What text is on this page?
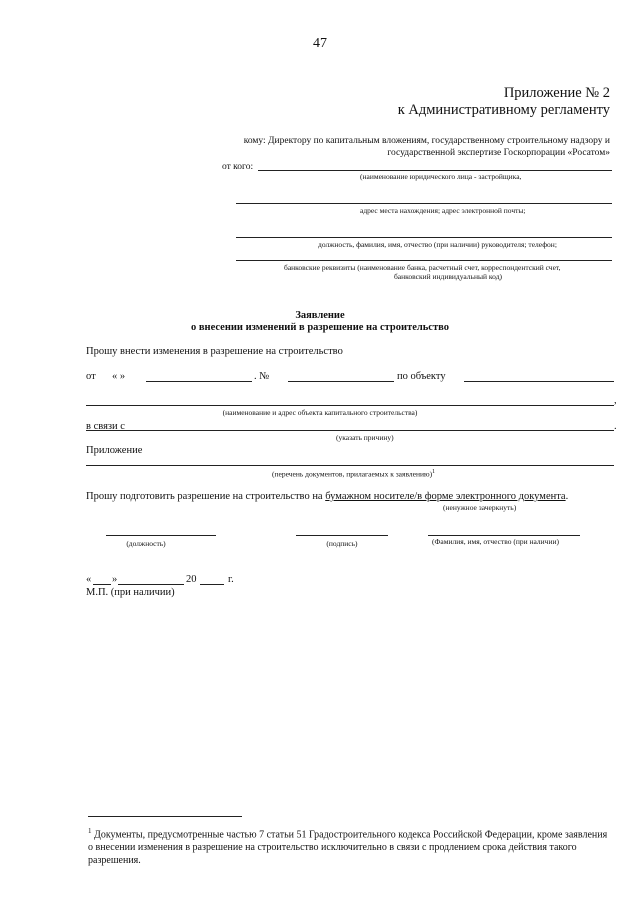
47
Приложение № 2
к Административному регламенту
кому: Директору по капитальным вложениям, государственному строительному надзору и
государственной экспертизе Госкорпорации «Росатом»
от кого:
(наименование юридического лица - застройщика,
адрес места нахождения; адрес электронной почты;
должность, фамилия, имя, отчество (при наличии) руководителя; телефон;
банковские реквизиты (наименование банка, расчетный счет, корреспондентский счет,
банковский индивидуальный код)
Заявление
о внесении изменений в разрешение на строительство
Прошу внести изменения в разрешение на строительство
от « »	. №	по объекту
,
(наименование и адрес объекта капитального строительства)
в связи с	.
(указать причину)
Приложение
(перечень документов, прилагаемых к заявлению)$^1$
Прошу подготовить разрешение на строительство на бумажном носителе/в форме электронного документа.
(ненужное зачеркнуть)
(должность)	(подпись)	(Фамилия, имя, отчество (при наличии)
« »	20	г.
М.П. (при наличии)
$^1$ Документы, предусмотренные частью 7 статьи 51 Градостроительного кодекса Российской Федерации, кроме заявления о внесении изменения в разрешение на строительство исключительно в связи с продлением срока действия такого разрешения.
